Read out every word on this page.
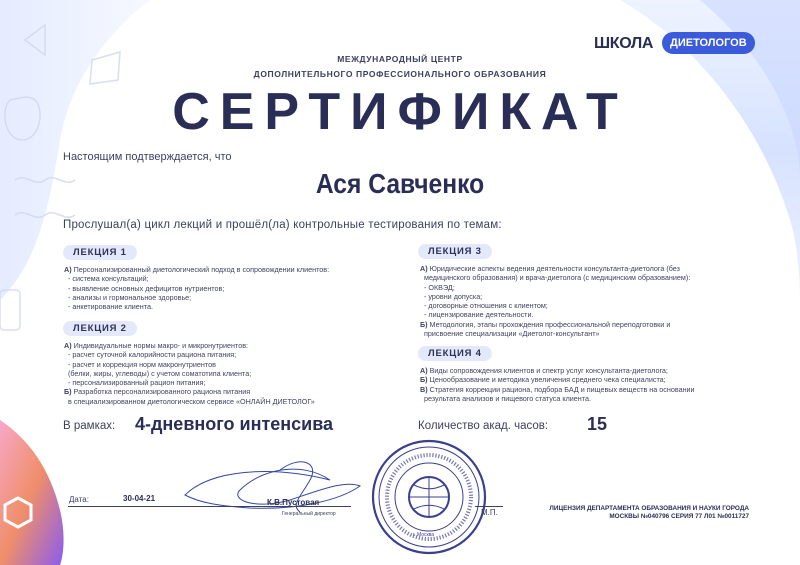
ШКОЛА	ДИЕТОЛОГОВ
МЕЖДУНАРОДНЫЙ ЦЕНТР
ДОПОЛНИТЕЛЬНОГО ПРОФЕССИОНАЛЬНОГО ОБРАЗОВАНИЯ
СЕРТИФИКАТ
Настоящим подтверждается, что
Ася Савченко
Прослушал(а) цикл лекций и прошёл(ла) контрольные тестирования по темам:
ЛЕКЦИЯ 1
А) Персонализированный диетологический подход в сопровождении клиентов:
- система консультаций;
- выявление основных дефицитов нутриентов;
- анализы и гормональное здоровье;
- анкетирование клиента.
ЛЕКЦИЯ 2
А) Индивидуальные нормы макро- и микронутриентов:
- расчет суточной калорийности рациона питания;
- расчет и коррекция норм макронутриентов
(белки, жиры, углеводы) с учетом соматотипа клиента;
- персонализированный рацион питания;
Б) Разработка персонализированного рациона питания
в специализированном диетологическом сервисе «ОНЛАЙН ДИЕТОЛОГ»
ЛЕКЦИЯ 3
А) Юридические аспекты ведения деятельности консультанта-диетолога (без
медицинского образования) и врача-диетолога (с медицинским образованием):
- ОКВЭД;
- уровни допуска;
- договорные отношения с клиентом;
- лицензирование деятельности.
Б) Методология, этапы прохождения профессиональной переподготовки и
присвоение специализации «Диетолог-консультант»
ЛЕКЦИЯ 4
А) Виды сопровождения клиентов и спектр услуг консультанта-диетолога;
Б) Ценообразование и методика увеличения среднего чека специалиста;
В) Стратегия коррекции рациона, подбора БАД и пищевых веществ на основании
результата анализов и пищевого статуса клиента.
В рамках: 4-дневного интенсива	Количество акад. часов: 15
Дата:	30-04-21	К.В.Пустовая
Генеральный директор	М.П.
г. Москва
ЛИЦЕНЗИЯ ДЕПАРТАМЕНТА ОБРАЗОВАНИЯ И НАУКИ ГОРОДА
МОСКВЫ №040796 СЕРИЯ 77 Л01 №0011727
